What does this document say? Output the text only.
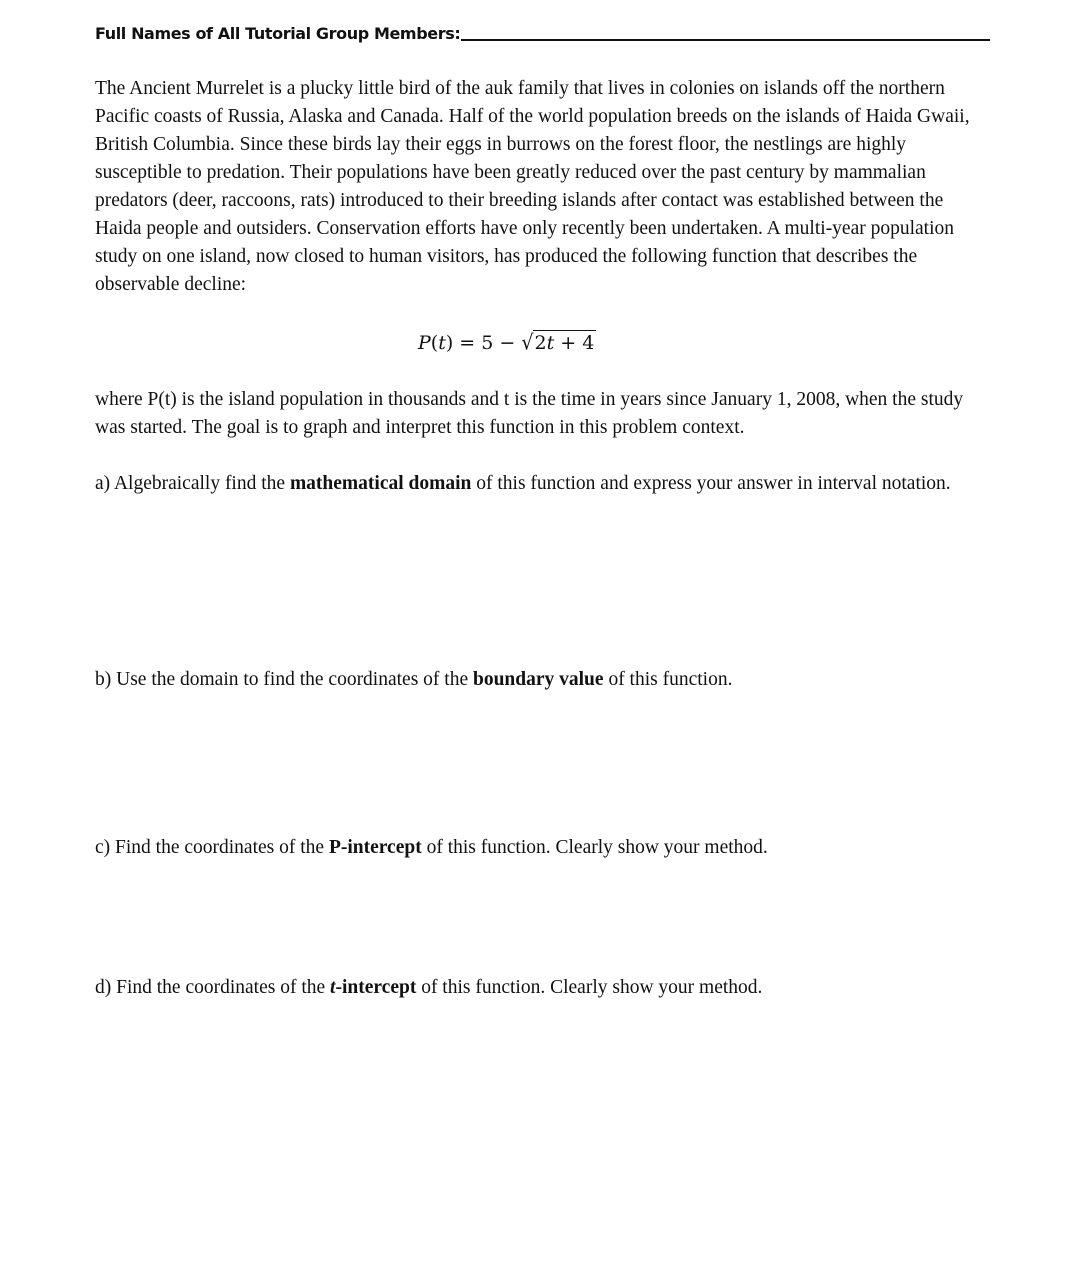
Full Names of All Tutorial Group Members:

The Ancient Murrelet is a plucky little bird of the auk family that lives in colonies on islands off the northern Pacific coasts of Russia, Alaska and Canada. Half of the world population breeds on the islands of Haida Gwaii, British Columbia. Since these birds lay their eggs in burrows on the forest floor, the nestlings are highly susceptible to predation. Their populations have been greatly reduced over the past century by mammalian predators (deer, raccoons, rats) introduced to their breeding islands after contact was established between the Haida people and outsiders. Conservation efforts have only recently been undertaken. A multi-year population study on one island, now closed to human visitors, has produced the following function that describes the observable decline:

P(t) = 5 − √2t + 4

where P(t) is the island population in thousands and t is the time in years since January 1, 2008, when the study was started. The goal is to graph and interpret this function in this problem context.

a) Algebraically find the mathematical domain of this function and express your answer in interval notation.

b) Use the domain to find the coordinates of the boundary value of this function.

c) Find the coordinates of the P-intercept of this function. Clearly show your method.

d) Find the coordinates of the t-intercept of this function. Clearly show your method.
